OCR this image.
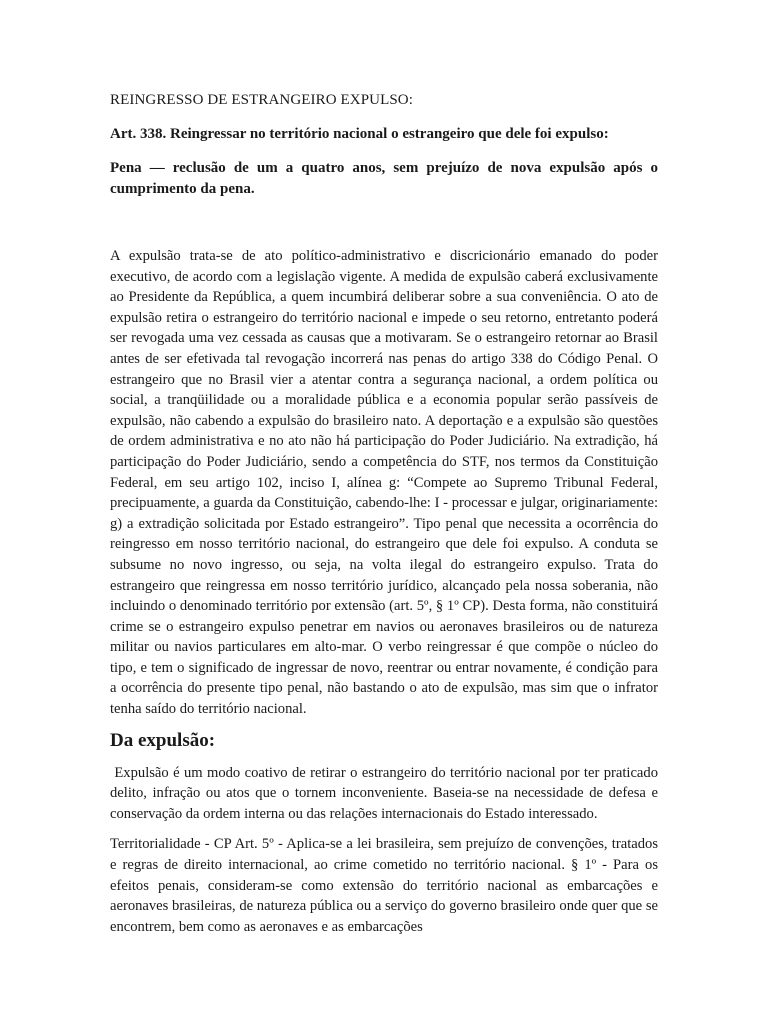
REINGRESSO DE ESTRANGEIRO EXPULSO:
Art. 338. Reingressar no território nacional o estrangeiro que dele foi expulso:
Pena — reclusão de um a quatro anos, sem prejuízo de nova expulsão após o cumprimento da pena.

A expulsão trata-se de ato político-administrativo e discricionário emanado do poder executivo, de acordo com a legislação vigente. A medida de expulsão caberá exclusivamente ao Presidente da República, a quem incumbirá deliberar sobre a sua conveniência. O ato de expulsão retira o estrangeiro do território nacional e impede o seu retorno, entretanto poderá ser revogada uma vez cessada as causas que a motivaram. Se o estrangeiro retornar ao Brasil antes de ser efetivada tal revogação incorrerá nas penas do artigo 338 do Código Penal. O estrangeiro que no Brasil vier a atentar contra a segurança nacional, a ordem política ou social, a tranqüilidade ou a moralidade pública e a economia popular serão passíveis de expulsão, não cabendo a expulsão do brasileiro nato. A deportação e a expulsão são questões de ordem administrativa e no ato não há participação do Poder Judiciário. Na extradição, há participação do Poder Judiciário, sendo a competência do STF, nos termos da Constituição Federal, em seu artigo 102, inciso I, alínea g: “Compete ao Supremo Tribunal Federal, precipuamente, a guarda da Constituição, cabendo-lhe: I - processar e julgar, originariamente: g) a extradição solicitada por Estado estrangeiro”. Tipo penal que necessita a ocorrência do reingresso em nosso território nacional, do estrangeiro que dele foi expulso. A conduta se subsume no novo ingresso, ou seja, na volta ilegal do estrangeiro expulso. Trata do estrangeiro que reingressa em nosso território jurídico, alcançado pela nossa soberania, não incluindo o denominado território por extensão (art. 5º, § 1º CP). Desta forma, não constituirá crime se o estrangeiro expulso penetrar em navios ou aeronaves brasileiros ou de natureza militar ou navios particulares em alto-mar. O verbo reingressar é que compõe o núcleo do tipo, e tem o significado de ingressar de novo, reentrar ou entrar novamente, é condição para a ocorrência do presente tipo penal, não bastando o ato de expulsão, mas sim que o infrator tenha saído do território nacional.

Da expulsão:

Expulsão é um modo coativo de retirar o estrangeiro do território nacional por ter praticado delito, infração ou atos que o tornem inconveniente. Baseia-se na necessidade de defesa e conservação da ordem interna ou das relações internacionais do Estado interessado.

Territorialidade - CP Art. 5º - Aplica-se a lei brasileira, sem prejuízo de convenções, tratados e regras de direito internacional, ao crime cometido no território nacional. § 1º - Para os efeitos penais, consideram-se como extensão do território nacional as embarcações e aeronaves brasileiras, de natureza pública ou a serviço do governo brasileiro onde quer que se encontrem, bem como as aeronaves e as embarcações
